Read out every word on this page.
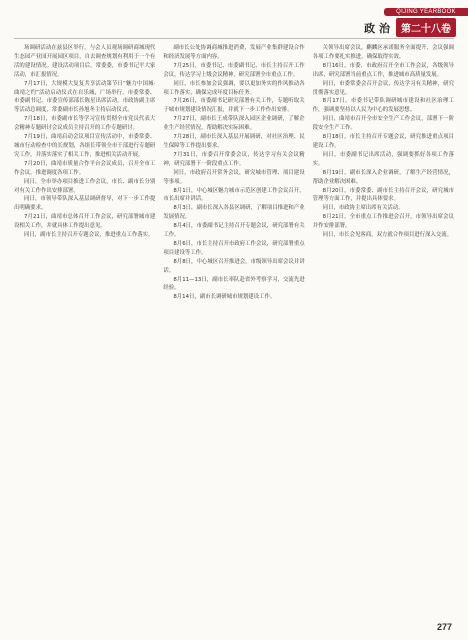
QIJING YEARBOOK
政 治	第二十八卷

场调研活动在兹县区举行。与会人员观场调研商城现代生态园产业园开展园区项目，自去调查规划有利用于一个有活的建设情况。建设活动项目后，常委委，市委书记平大家活动，市汇报情况。

7月17日，大规模大复复共享活动第节日“魅力中国城·曲靖之约”活动启动仪式在自乐城，广场举行。市委常委、市委副书记、市委宣传部部长陈星出席活动。市政协副主席等活动总调度，常委副市长孙旭冬主持启动仪式。

7月18日，市委副市长等学习宣传贯彻全市党员代表大会精神专题研讨会议成员主持召开的工作专题研讨。

7月19日，曲靖启动会议项目宣传活动中，市委常委、城市行动检查中的长规划，各组长带领全市干部进行专题研究工作，并落实落实了相关工作，推进相关活动开展。

7月20日，曲靖市质量合作平台会议成员，召开全市工作会议，推进调度各项工作。

同日，全市举办项目推进工作会议，市长、副市长分别对有关工作作出安排部署。

同日，市领导带队深入基层调研督导，对下一步工作提出明确要求。

7月21日，曲靖市总体召开工作会议，研究部署城市建设相关工作，并就具体工作提出意见。

同日，副市长主持召开专题会议，推进重点工作落实。

副市长公处协调商城推进消费，发展产业集群建设合作和经济发展等方面内容。

7月25日，市委书记、市委副书记、市长主持召开工作会议，传达学习上级会议精神，研究部署全市重点工作。

同日，市长参加会议强调，要以更加务实的作风推动各项工作落实，确保完成年度目标任务。

7月26日，市委副书记研究部署有关工作，专题听取关于城市规划建设情况汇报，并就下一步工作作出安排。

7月27日，副市长王成带队深入园区企业调研，了解企业生产经营情况，帮助解决实际困难。

7月28日，副市长深入基层开展调研，对社区治理、民生保障等工作提出要求。

7月31日，市委召开常委会议，传达学习有关会议精神，研究部署下一阶段重点工作。

同日，市政府召开常务会议，研究城市管理、项目建设等事项。

8月1日，中心城区魅力城市示范区创建工作会议召开，市长出席并讲话。

8月3日，副市长深入各县区调研，了解项目推进和产业发展情况。

8月4日，市委副书记主持召开专题会议，研究部署有关工作。

8月6日，市长主持召开市政府工作会议，研究部署重点项目建设等工作。

8月8日，中心城区召开推进会，市级领导出席会议并讲话。

8月11—13日，副市长率队赴省外考察学习，交流先进经验。

8月14日，副市长调研城市规划建设工作。

关领导出席会议，麒麟区承诺服务全面提升，会议强调各项工作要扎实推进，确保取得实效。

8月16日，市委、市政府召开全市工作会议，各级领导出席，研究部署当前重点工作，推进城市高质量发展。

同日，市委常委会召开会议，传达学习有关精神，研究贯彻落实意见。

8月17日，市委书记带队调研城市建设和社区治理工作，强调要坚持以人民为中心的发展思想。

同日，曲靖市召开全市安全生产工作会议，部署下一阶段安全生产工作。

8月18日，市长主持召开专题会议，研究推进重点项目建设工作。

同日，市委副书记出席活动，强调要抓好各项工作落实。

8月19日，副市长深入企业调研，了解生产经营情况，帮助企业解决困难。

8月20日，市委常委、副市长主持召开会议，研究城市管理等方面工作，并提出具体要求。

同日，市政协主席出席有关活动。

8月21日，全市重点工作推进会召开，市领导出席会议并作安排部署。

同日，市长会见客商，双方就合作项目进行深入交流。

277
